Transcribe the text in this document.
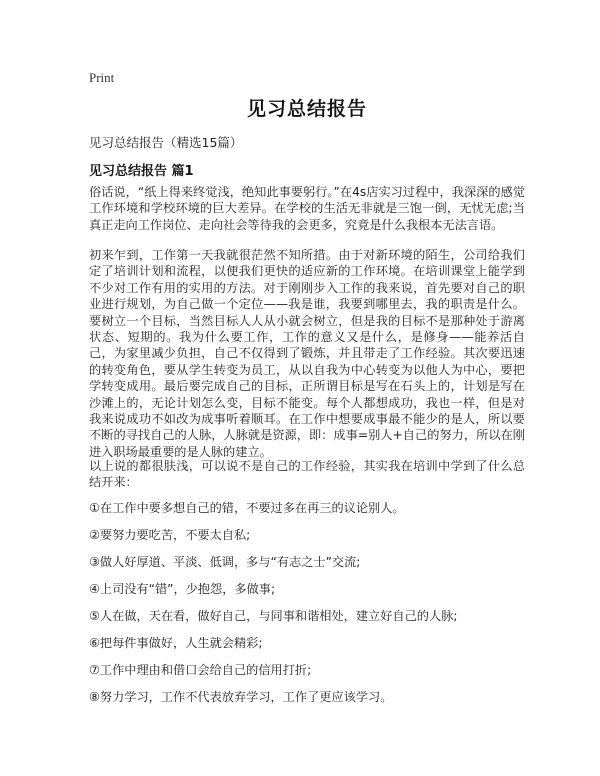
Print
见习总结报告
见习总结报告（精选15篇）
见习总结报告 篇1

俗话说，“纸上得来终觉浅，绝知此事要躬行。”在4s店实习过程中，我深深的感觉工作环境和学校环境的巨大差异。在学校的生活无非就是三饱一倒，无忧无虑;当真正走向工作岗位、走向社会等待我的会更多，究竟是什么我根本无法言语。

初来乍到，工作第一天我就很茫然不知所措。由于对新环境的陌生，公司给我们定了培训计划和流程，以便我们更快的适应新的工作环境。在培训课堂上能学到不少对工作有用的实用的方法。对于刚刚步入工作的我来说，首先要对自己的职业进行规划，为自己做一个定位——我是谁，我要到哪里去，我的职责是什么。要树立一个目标，当然目标人人从小就会树立，但是我的目标不是那种处于游离状态、短期的。我为什么要工作，工作的意义又是什么，是修身——能养活自己，为家里减少负担，自己不仅得到了锻炼，并且带走了工作经验。其次要迅速的转变角色，要从学生转变为员工，从以自我为中心转变为以他人为中心，要把学转变成用。最后要完成自己的目标，正所谓目标是写在石头上的，计划是写在沙滩上的，无论计划怎么变，目标不能变。每个人都想成功，我也一样，但是对我来说成功不如改为成事听着顺耳。在工作中想要成事最不能少的是人，所以要不断的寻找自己的人脉，人脉就是资源，即：成事=别人+自己的努力，所以在刚进入职场最重要的是人脉的建立。

以上说的都很肤浅，可以说不是自己的工作经验，其实我在培训中学到了什么总结开来：

①在工作中要多想自己的错，不要过多在再三的议论别人。
②要努力要吃苦，不要太自私;
③做人好厚道、平淡、低调，多与“有志之士”交流;
④上司没有“错”，少抱怨，多做事;
⑤人在做，天在看，做好自己，与同事和谐相处，建立好自己的人脉;
⑥把每件事做好，人生就会精彩;
⑦工作中理由和借口会给自己的信用打折;
⑧努力学习，工作不代表放弃学习，工作了更应该学习。
